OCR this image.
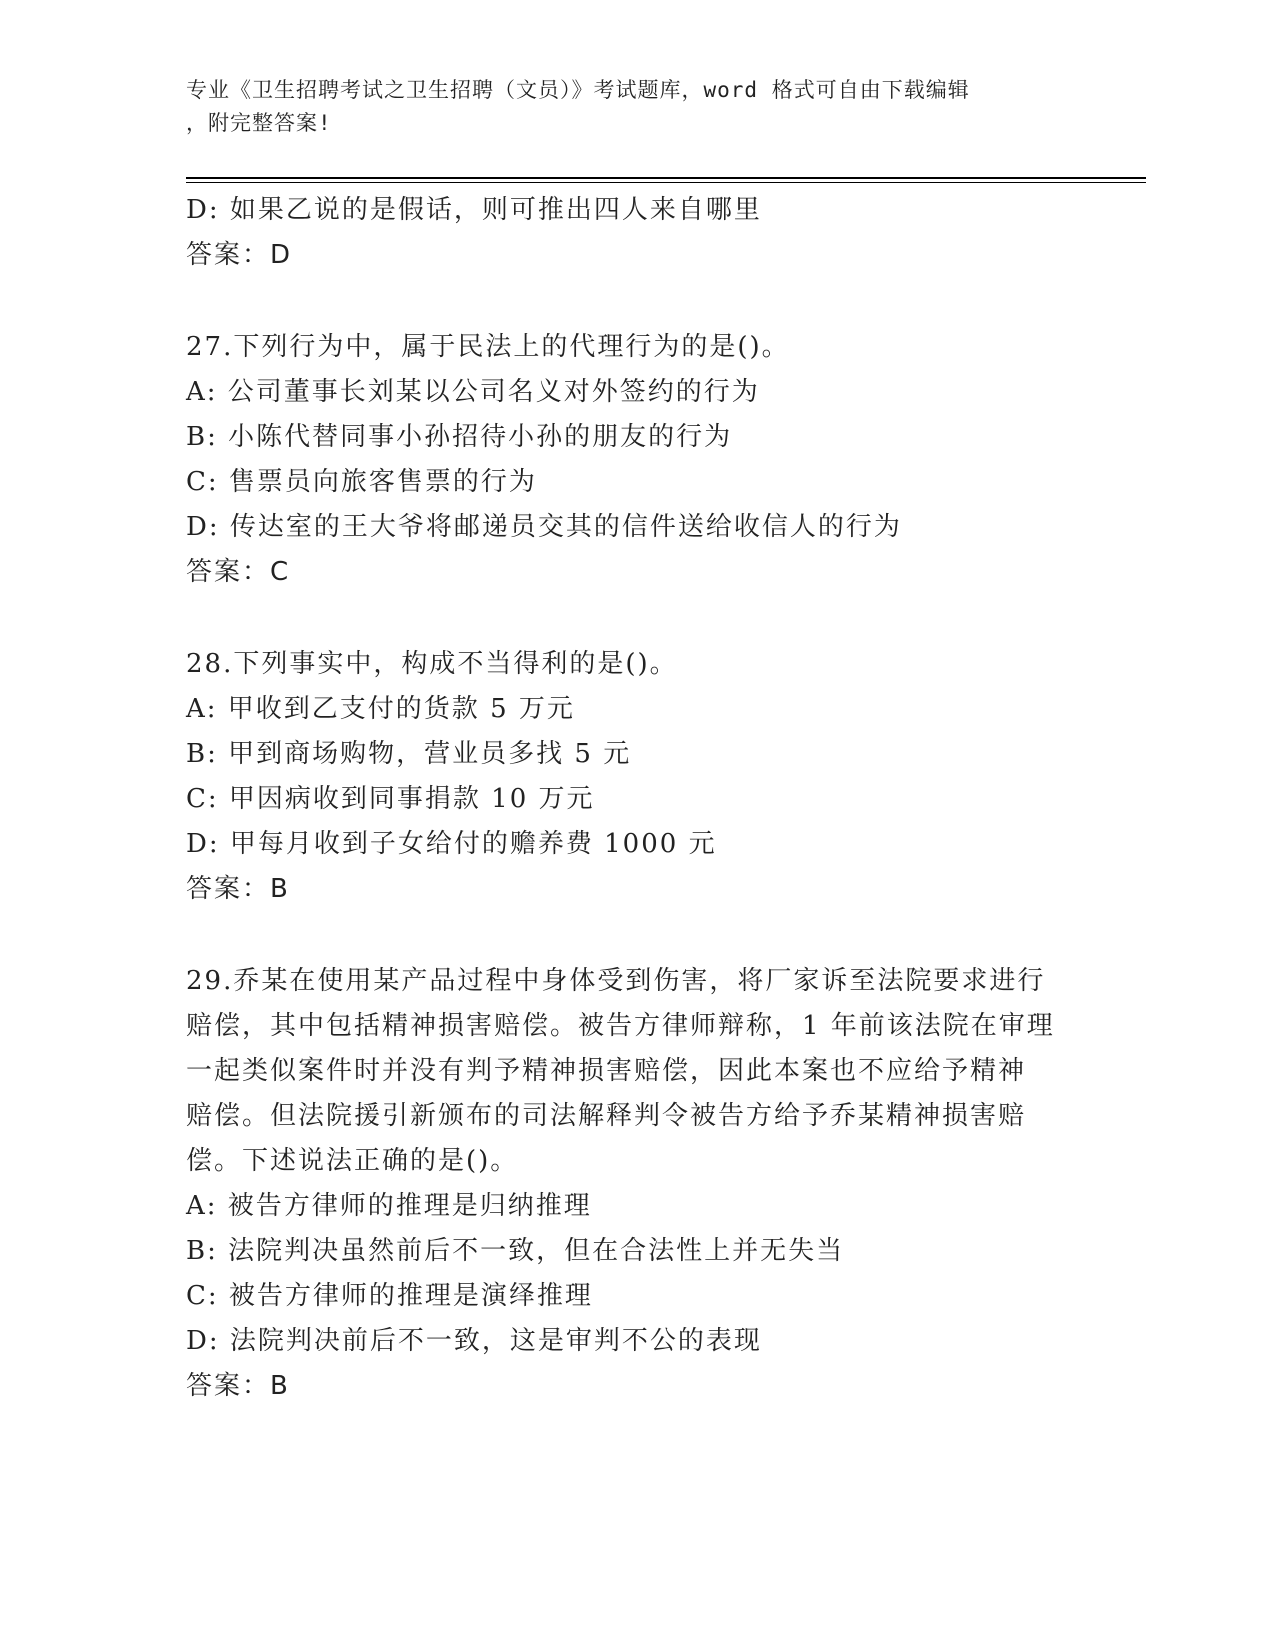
专业《卫生招聘考试之卫生招聘（文员）》考试题库，word 格式可自由下载编辑
，附完整答案!
D: 如果乙说的是假话，则可推出四人来自哪里
答案：D
27.下列行为中，属于民法上的代理行为的是()。
A: 公司董事长刘某以公司名义对外签约的行为
B: 小陈代替同事小孙招待小孙的朋友的行为
C: 售票员向旅客售票的行为
D: 传达室的王大爷将邮递员交其的信件送给收信人的行为
答案：C
28.下列事实中，构成不当得利的是()。
A: 甲收到乙支付的货款 5 万元
B: 甲到商场购物，营业员多找 5 元
C: 甲因病收到同事捐款 10 万元
D: 甲每月收到子女给付的赡养费 1000 元
答案：B
29.乔某在使用某产品过程中身体受到伤害，将厂家诉至法院要求进行
赔偿，其中包括精神损害赔偿。被告方律师辩称，1 年前该法院在审理
一起类似案件时并没有判予精神损害赔偿，因此本案也不应给予精神
赔偿。但法院援引新颁布的司法解释判令被告方给予乔某精神损害赔
偿。下述说法正确的是()。
A: 被告方律师的推理是归纳推理
B: 法院判决虽然前后不一致，但在合法性上并无失当
C: 被告方律师的推理是演绎推理
D: 法院判决前后不一致，这是审判不公的表现
答案：B
